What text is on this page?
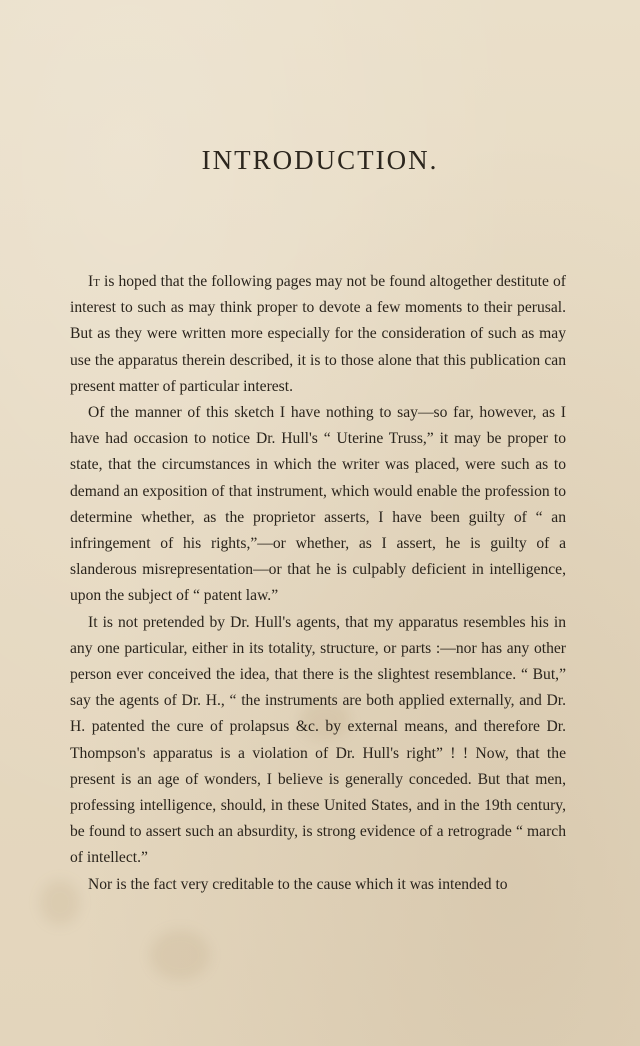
INTRODUCTION.

It is hoped that the following pages may not be found altogether destitute of interest to such as may think proper to devote a few moments to their perusal. But as they were written more especially for the consideration of such as may use the apparatus therein described, it is to those alone that this publication can present matter of particular interest.

Of the manner of this sketch I have nothing to say—so far, however, as I have had occasion to notice Dr. Hull's “ Uterine Truss,” it may be proper to state, that the circumstances in which the writer was placed, were such as to demand an exposition of that instrument, which would enable the profession to determine whether, as the proprietor asserts, I have been guilty of “ an infringement of his rights,”—or whether, as I assert, he is guilty of a slanderous misrepresentation—or that he is culpably deficient in intelligence, upon the subject of “ patent law.”

It is not pretended by Dr. Hull's agents, that my apparatus resembles his in any one particular, either in its totality, structure, or parts :—nor has any other person ever conceived the idea, that there is the slightest resemblance. “ But,” say the agents of Dr. H., “ the instruments are both applied externally, and Dr. H. patented the cure of prolapsus &c. by external means, and therefore Dr. Thompson's apparatus is a violation of Dr. Hull's right” ! ! Now, that the present is an age of wonders, I believe is generally conceded. But that men, professing intelligence, should, in these United States, and in the 19th century, be found to assert such an absurdity, is strong evidence of a retrograde “ march of intellect.”

Nor is the fact very creditable to the cause which it was intended to
